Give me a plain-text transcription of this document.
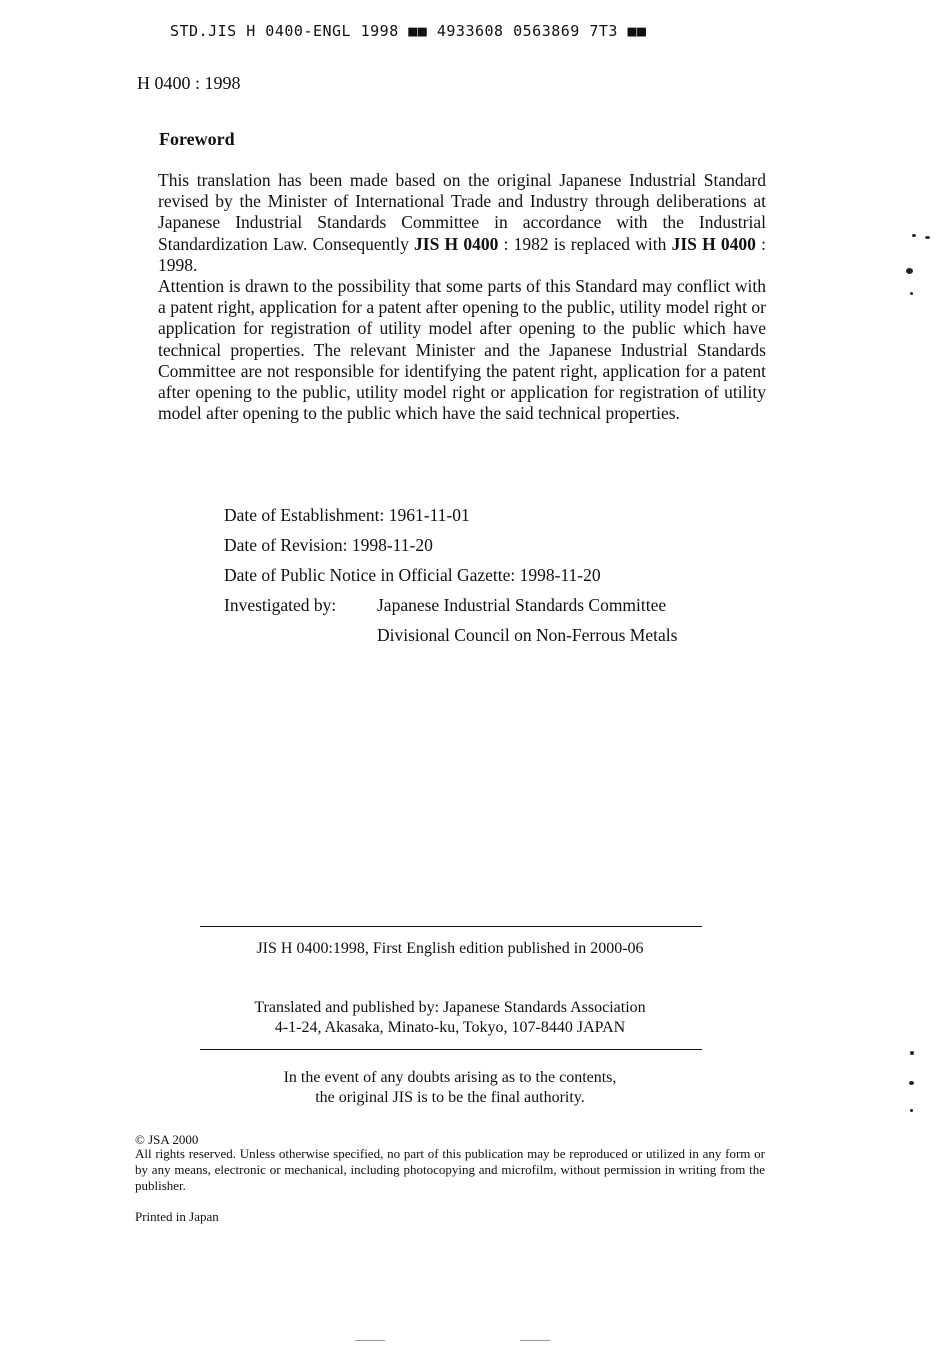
STD.JIS H 0400-ENGL 1998 ■■ 4933608 0563869 7T3 ■■
H 0400 : 1998
Foreword
This translation has been made based on the original Japanese Industrial Standard revised by the Minister of International Trade and Industry through deliberations at Japanese Industrial Standards Committee in accordance with the Industrial Standardization Law. Consequently JIS H 0400 : 1982 is replaced with JIS H 0400 : 1998.
Attention is drawn to the possibility that some parts of this Standard may conflict with a patent right, application for a patent after opening to the public, utility model right or application for registration of utility model after opening to the public which have technical properties. The relevant Minister and the Japanese Industrial Standards Committee are not responsible for identifying the patent right, application for a patent after opening to the public, utility model right or application for registration of utility model after opening to the public which have the said technical properties.
Date of Establishment: 1961-11-01
Date of Revision: 1998-11-20
Date of Public Notice in Official Gazette: 1998-11-20
Investigated by: Japanese Industrial Standards Committee
Divisional Council on Non-Ferrous Metals
JIS H 0400:1998, First English edition published in 2000-06
Translated and published by: Japanese Standards Association
4-1-24, Akasaka, Minato-ku, Tokyo, 107-8440 JAPAN
In the event of any doubts arising as to the contents,
the original JIS is to be the final authority.
© JSA 2000
All rights reserved. Unless otherwise specified, no part of this publication may be reproduced or utilized in any form or by any means, electronic or mechanical, including photocopying and microfilm, without permission in writing from the publisher.
Printed in Japan
